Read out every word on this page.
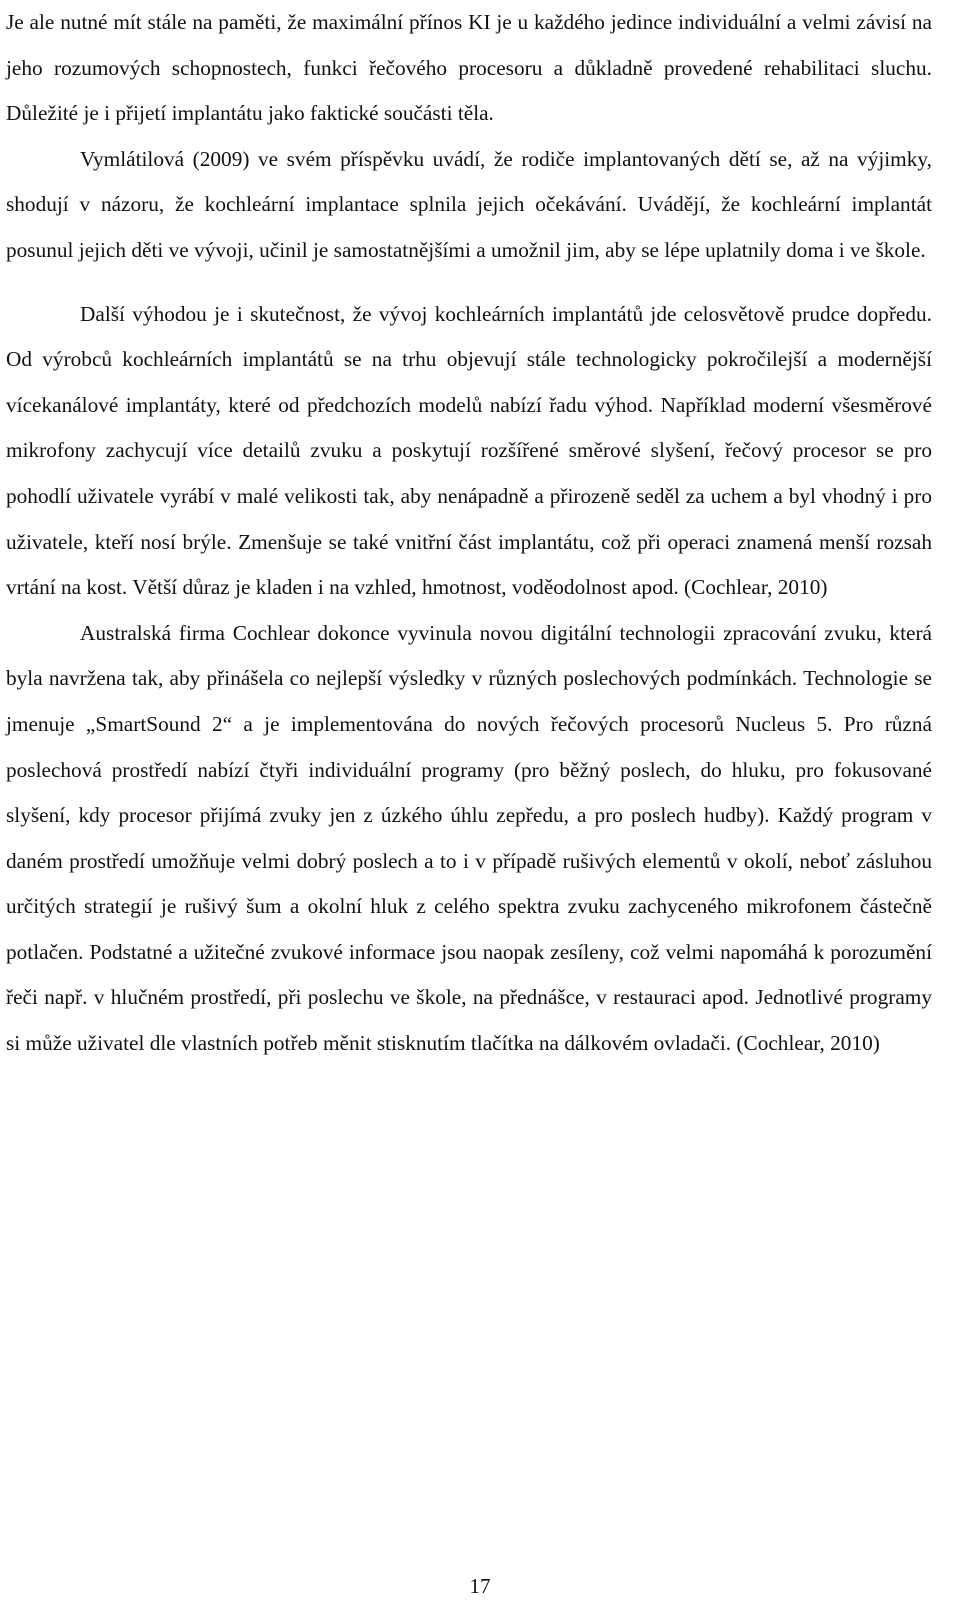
Je ale nutné mít stále na paměti, že maximální přínos KI je u každého jedince individuální a velmi závisí na jeho rozumových schopnostech, funkci řečového procesoru a důkladně provedené rehabilitaci sluchu. Důležité je i přijetí implantátu jako faktické součásti těla.

Vymlátilová (2009) ve svém příspěvku uvádí, že rodiče implantovaných dětí se, až na výjimky, shodují v názoru, že kochleární implantace splnila jejich očekávání. Uvádějí, že kochleární implantát posunul jejich děti ve vývoji, učinil je samostatnějšími a umožnil jim, aby se lépe uplatnily doma i ve škole.

Další výhodou je i skutečnost, že vývoj kochleárních implantátů jde celosvětově prudce dopředu. Od výrobců kochleárních implantátů se na trhu objevují stále technologicky pokročilejší a modernější vícekanálové implantáty, které od předchozích modelů nabízí řadu výhod. Například moderní všesměrové mikrofony zachycují více detailů zvuku a poskytují rozšířené směrové slyšení, řečový procesor se pro pohodlí uživatele vyrábí v malé velikosti tak, aby nenápadně a přirozeně seděl za uchem a byl vhodný i pro uživatele, kteří nosí brýle. Zmenšuje se také vnitřní část implantátu, což při operaci znamená menší rozsah vrtání na kost. Větší důraz je kladen i na vzhled, hmotnost, voděodolnost apod. (Cochlear, 2010)

Australská firma Cochlear dokonce vyvinula novou digitální technologii zpracování zvuku, která byla navržena tak, aby přinášela co nejlepší výsledky v různých poslechových podmínkách. Technologie se jmenuje „SmartSound 2“ a je implementována do nových řečových procesorů Nucleus 5. Pro různá poslechová prostředí nabízí čtyři individuální programy (pro běžný poslech, do hluku, pro fokusované slyšení, kdy procesor přijímá zvuky jen z úzkého úhlu zepředu, a pro poslech hudby). Každý program v daném prostředí umožňuje velmi dobrý poslech a to i v případě rušivých elementů v okolí, neboť zásluhou určitých strategií je rušivý šum a okolní hluk z celého spektra zvuku zachyceného mikrofonem částečně potlačen. Podstatné a užitečné zvukové informace jsou naopak zesíleny, což velmi napomáhá k porozumění řeči např. v hlučném prostředí, při poslechu ve škole, na přednášce, v restauraci apod. Jednotlivé programy si může uživatel dle vlastních potřeb měnit stisknutím tlačítka na dálkovém ovladači. (Cochlear, 2010)

17
